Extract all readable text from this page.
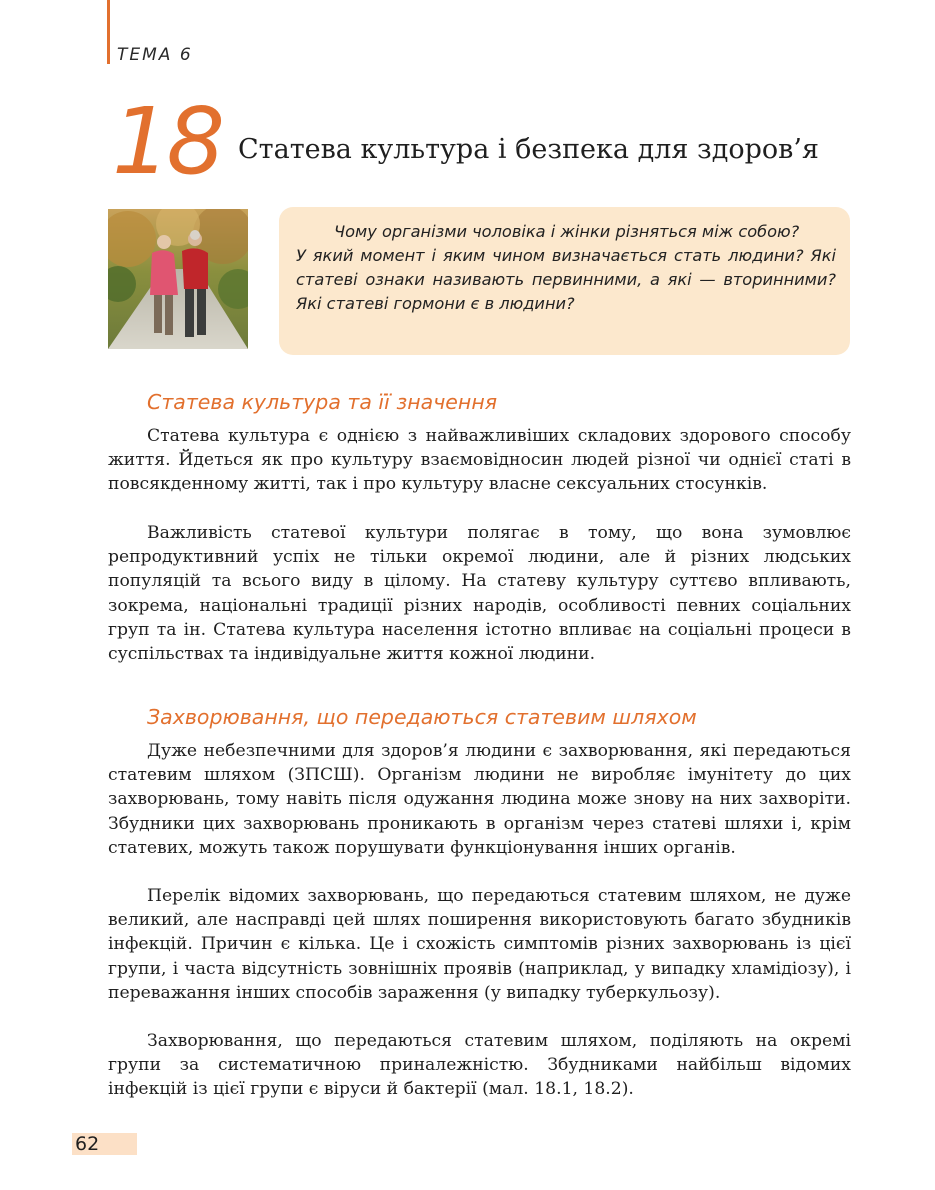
ТЕМА 6
18 Статева культура і безпека для здоров’я
Чому організми чоловіка і жінки різняться між собою?
У який момент і яким чином визначається стать людини? Які статеві ознаки називають первинними, а які — вторинними? Які статеві гормони є в людини?
Статева культура та її значення

Статева культура є однією з найважливіших складових здорового способу життя. Йдеться як про культуру взаємовідносин людей різної чи однієї статі в повсякденному житті, так і про культуру власне сексуальних стосунків.

Важливість статевої культури полягає в тому, що вона зумовлює репродуктивний успіх не тільки окремої людини, але й різних людських популяцій та всього виду в цілому. На статеву культуру суттєво впливають, зокрема, національні традиції різних народів, особливості певних соціальних груп та ін. Статева культура населення істотно впливає на соціальні процеси в суспільствах та індивідуальне життя кожної людини.

Захворювання, що передаються статевим шляхом

Дуже небезпечними для здоров’я людини є захворювання, які передаються статевим шляхом (ЗПСШ). Організм людини не виробляє імунітету до цих захворювань, тому навіть після одужання людина може знову на них захворіти. Збудники цих захворювань проникають в організм через статеві шляхи і, крім статевих, можуть також порушувати функціонування інших органів.

Перелік відомих захворювань, що передаються статевим шляхом, не дуже великий, але насправді цей шлях поширення використовують багато збудників інфекцій. Причин є кілька. Це і схожість симптомів різних захворювань із цієї групи, і часта відсутність зовнішніх проявів (наприклад, у випадку хламідіозу), і переважання інших способів зараження (у випадку туберкульозу).

Захворювання, що передаються статевим шляхом, поділяють на окремі групи за систематичною приналежністю. Збудниками найбільш відомих інфекцій із цієї групи є віруси й бактерії (мал. 18.1, 18.2).

62
